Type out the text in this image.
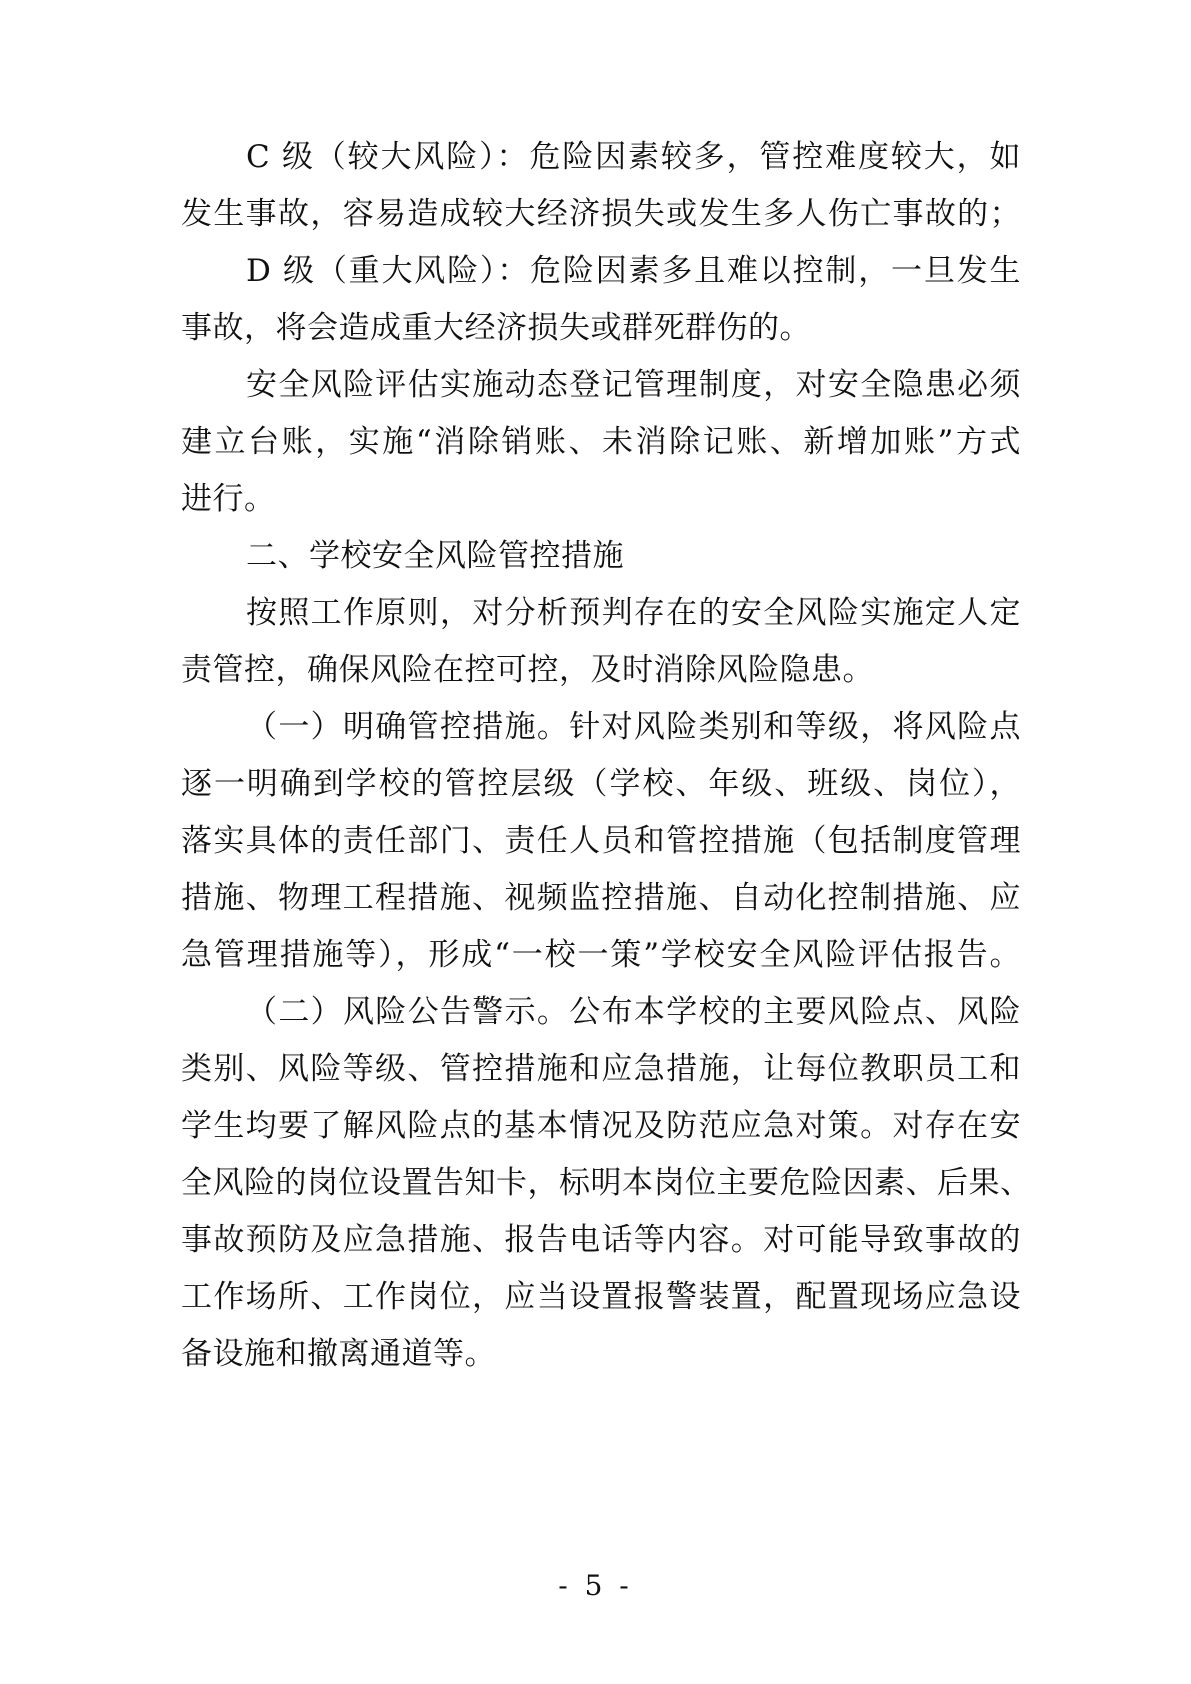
C 级（较大风险）：危险因素较多，管控难度较大，如
发生事故，容易造成较大经济损失或发生多人伤亡事故的；
D 级（重大风险）：危险因素多且难以控制，一旦发生
事故，将会造成重大经济损失或群死群伤的。
安全风险评估实施动态登记管理制度，对安全隐患必须
建立台账，实施“消除销账、未消除记账、新增加账”方式
进行。
二、学校安全风险管控措施
按照工作原则，对分析预判存在的安全风险实施定人定
责管控，确保风险在控可控，及时消除风险隐患。
（一）明确管控措施。针对风险类别和等级，将风险点
逐一明确到学校的管控层级（学校、年级、班级、岗位），
落实具体的责任部门、责任人员和管控措施（包括制度管理
措施、物理工程措施、视频监控措施、自动化控制措施、应
急管理措施等），形成“一校一策”学校安全风险评估报告。
（二）风险公告警示。公布本学校的主要风险点、风险
类别、风险等级、管控措施和应急措施，让每位教职员工和
学生均要了解风险点的基本情况及防范应急对策。对存在安
全风险的岗位设置告知卡，标明本岗位主要危险因素、后果、
事故预防及应急措施、报告电话等内容。对可能导致事故的
工作场所、工作岗位，应当设置报警装置，配置现场应急设
备设施和撤离通道等。
- 5 -
